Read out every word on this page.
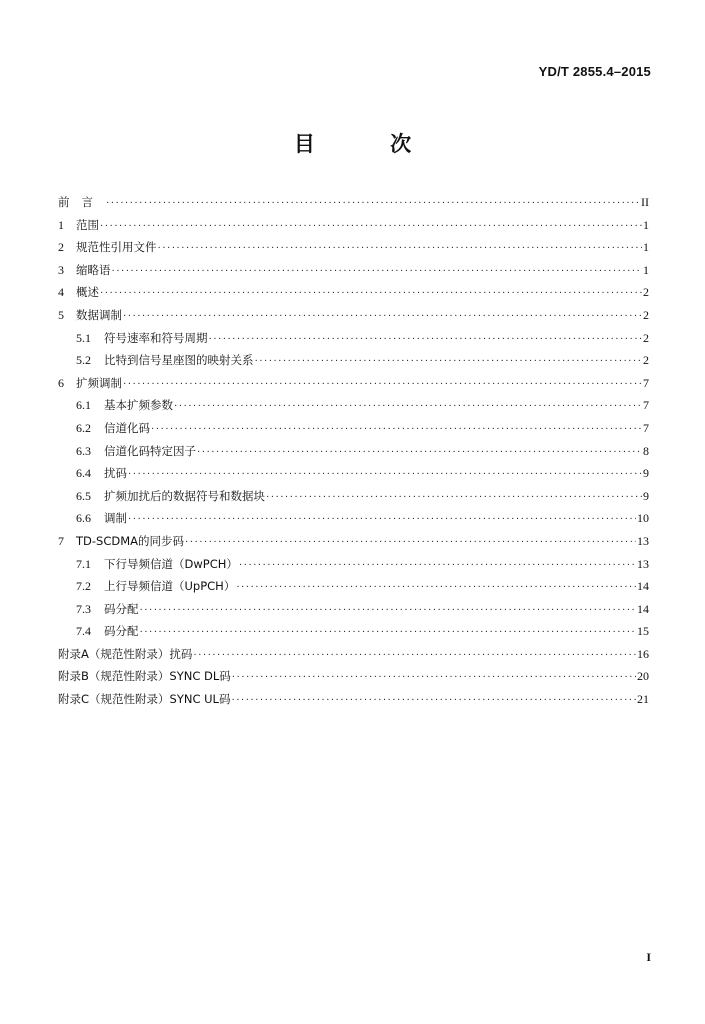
YD/T 2855.4–2015
目 次
前言 ·····	II
1	范围 ·····	1
2	规范性引用文件 ·····	1
3	缩略语 ·····	1
4	概述 ·····	2
5	数据调制 ·····	2
5.1	符号速率和符号周期 ·····	2
5.2	比特到信号星座图的映射关系 ·····	2
6	扩频调制 ·····	7
6.1	基本扩频参数 ·····	7
6.2	信道化码 ·····	7
6.3	信道化码特定因子 ·····	8
6.4	扰码 ·····	9
6.5	扩频加扰后的数据符号和数据块 ·····	9
6.6	调制 ·····	10
7	TD-SCDMA的同步码 ·····	13
7.1	下行导频信道（DwPCH） ·····	13
7.2	上行导频信道（UpPCH） ·····	14
7.3	码分配 ·····	14
7.4	码分配 ·····	15
附录A（规范性附录）扰码 ·····	16
附录B（规范性附录）SYNC DL码 ·····	20
附录C（规范性附录）SYNC UL码 ·····	21
I
